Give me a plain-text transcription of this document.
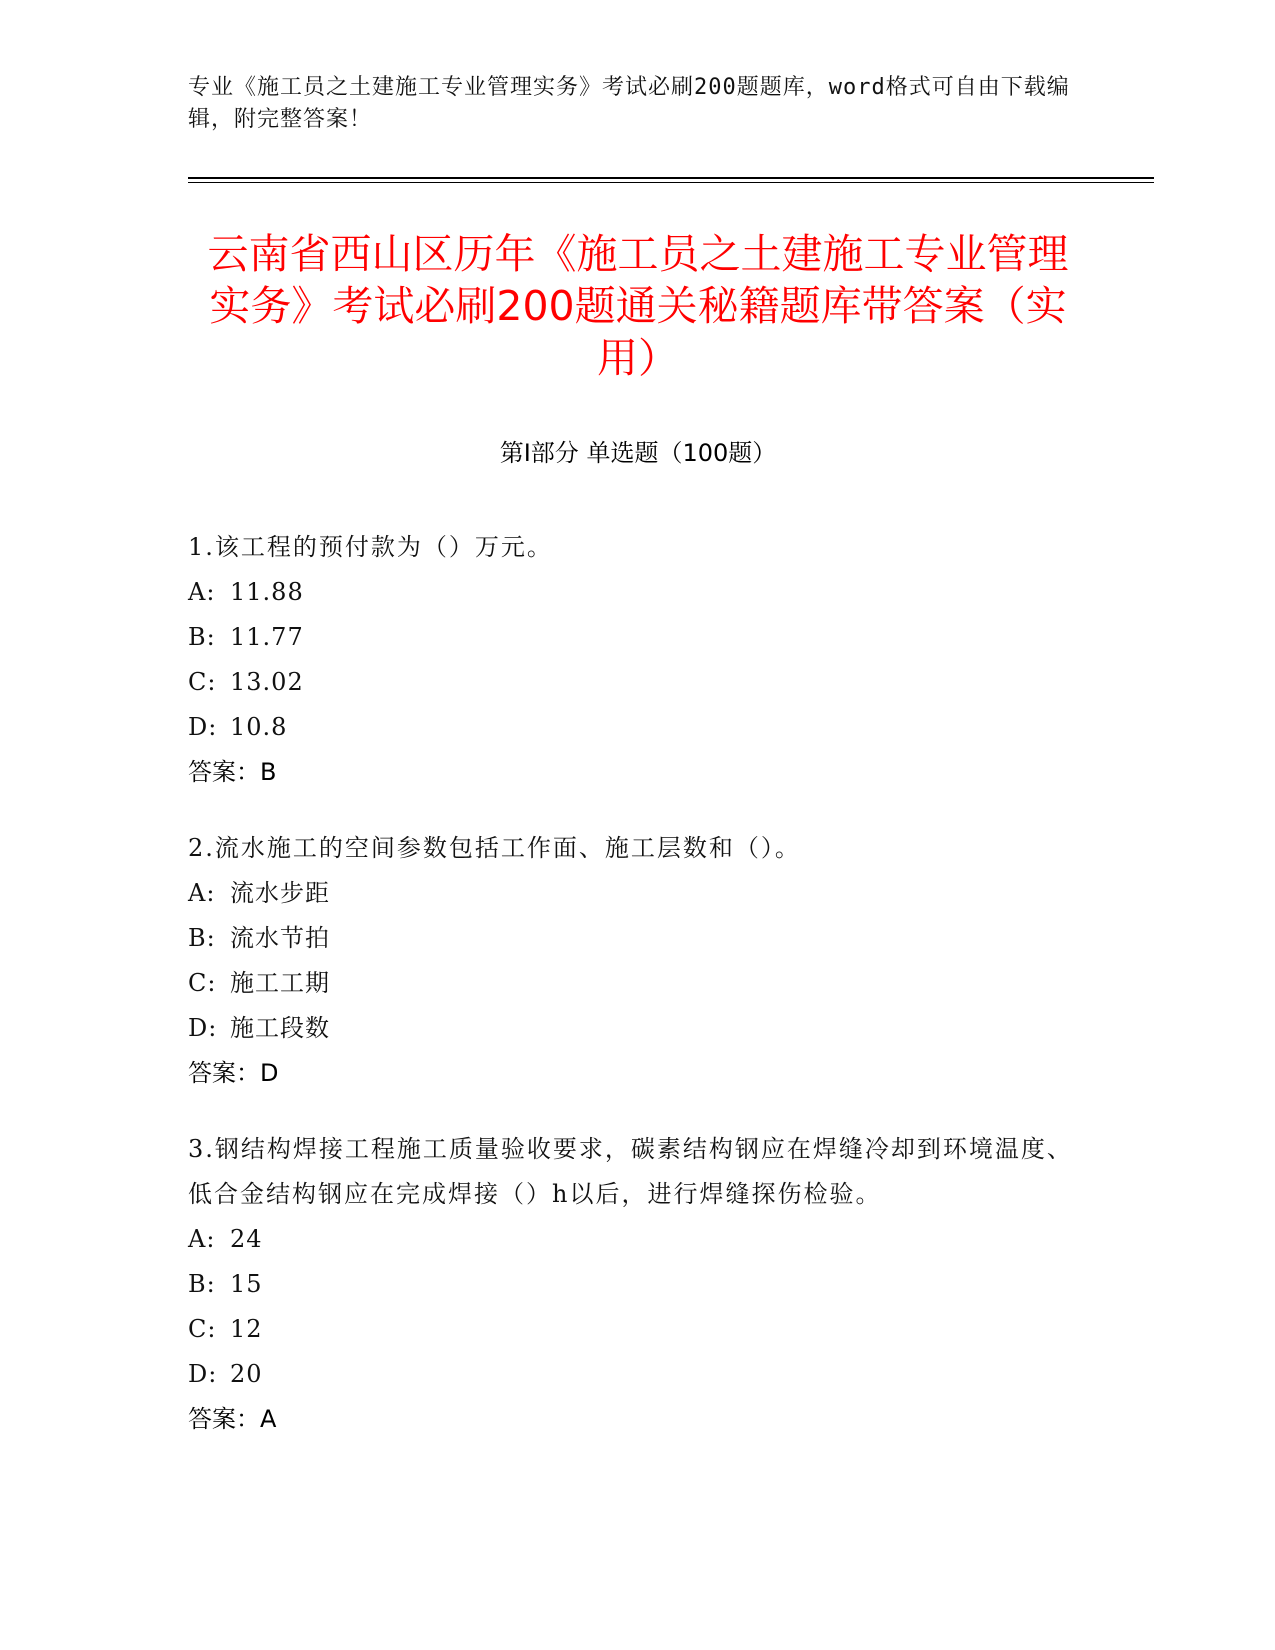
专业《施工员之土建施工专业管理实务》考试必刷200题题库，word格式可自由下载编辑，附完整答案！
云南省西山区历年《施工员之土建施工专业管理实务》考试必刷200题通关秘籍题库带答案（实用）
第I部分 单选题（100题）
1.该工程的预付款为（）万元。
A: 11.88
B: 11.77
C: 13.02
D: 10.8
答案：B
2.流水施工的空间参数包括工作面、施工层数和（）。
A: 流水步距
B: 流水节拍
C: 施工工期
D: 施工段数
答案：D
3.钢结构焊接工程施工质量验收要求，碳素结构钢应在焊缝冷却到环境温度、低合金结构钢应在完成焊接（）h以后，进行焊缝探伤检验。
A: 24
B: 15
C: 12
D: 20
答案：A
